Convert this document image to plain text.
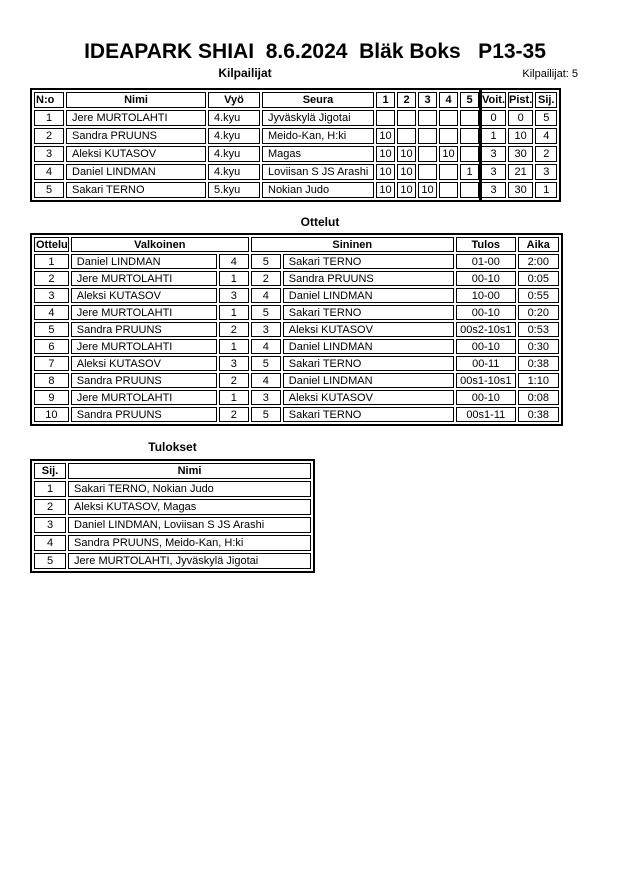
IDEAPARK SHIAI  8.6.2024  Bläk Boks   P13-35
Kilpailijat	Kilpailijat: 5
N:o	Nimi	Vyö	Seura	1	2	3	4	5	Voit.	Pist.	Sij.
1	Jere MURTOLAHTI	4.kyu	Jyväskylä Jigotai						0	0	5
2	Sandra PRUUNS	4.kyu	Meido-Kan, H:ki	10					1	10	4
3	Aleksi KUTASOV	4.kyu	Magas	10	10		10		3	30	2
4	Daniel LINDMAN	4.kyu	Loviisan S JS Arashi	10	10			1	3	21	3
5	Sakari TERNO	5.kyu	Nokian Judo	10	10	10			3	30	1
Ottelut
Ottelu	Valkoinen		Sininen		Tulos	Aika
1	Daniel LINDMAN	4	5	Sakari TERNO	01-00	2:00
2	Jere MURTOLAHTI	1	2	Sandra PRUUNS	00-10	0:05
3	Aleksi KUTASOV	3	4	Daniel LINDMAN	10-00	0:55
4	Jere MURTOLAHTI	1	5	Sakari TERNO	00-10	0:20
5	Sandra PRUUNS	2	3	Aleksi KUTASOV	00s2-10s1	0:53
6	Jere MURTOLAHTI	1	4	Daniel LINDMAN	00-10	0:30
7	Aleksi KUTASOV	3	5	Sakari TERNO	00-11	0:38
8	Sandra PRUUNS	2	4	Daniel LINDMAN	00s1-10s1	1:10
9	Jere MURTOLAHTI	1	3	Aleksi KUTASOV	00-10	0:08
10	Sandra PRUUNS	2	5	Sakari TERNO	00s1-11	0:38
Tulokset
Sij.	Nimi
1	Sakari TERNO, Nokian Judo
2	Aleksi KUTASOV, Magas
3	Daniel LINDMAN, Loviisan S JS Arashi
4	Sandra PRUUNS, Meido-Kan, H:ki
5	Jere MURTOLAHTI, Jyväskylä Jigotai
